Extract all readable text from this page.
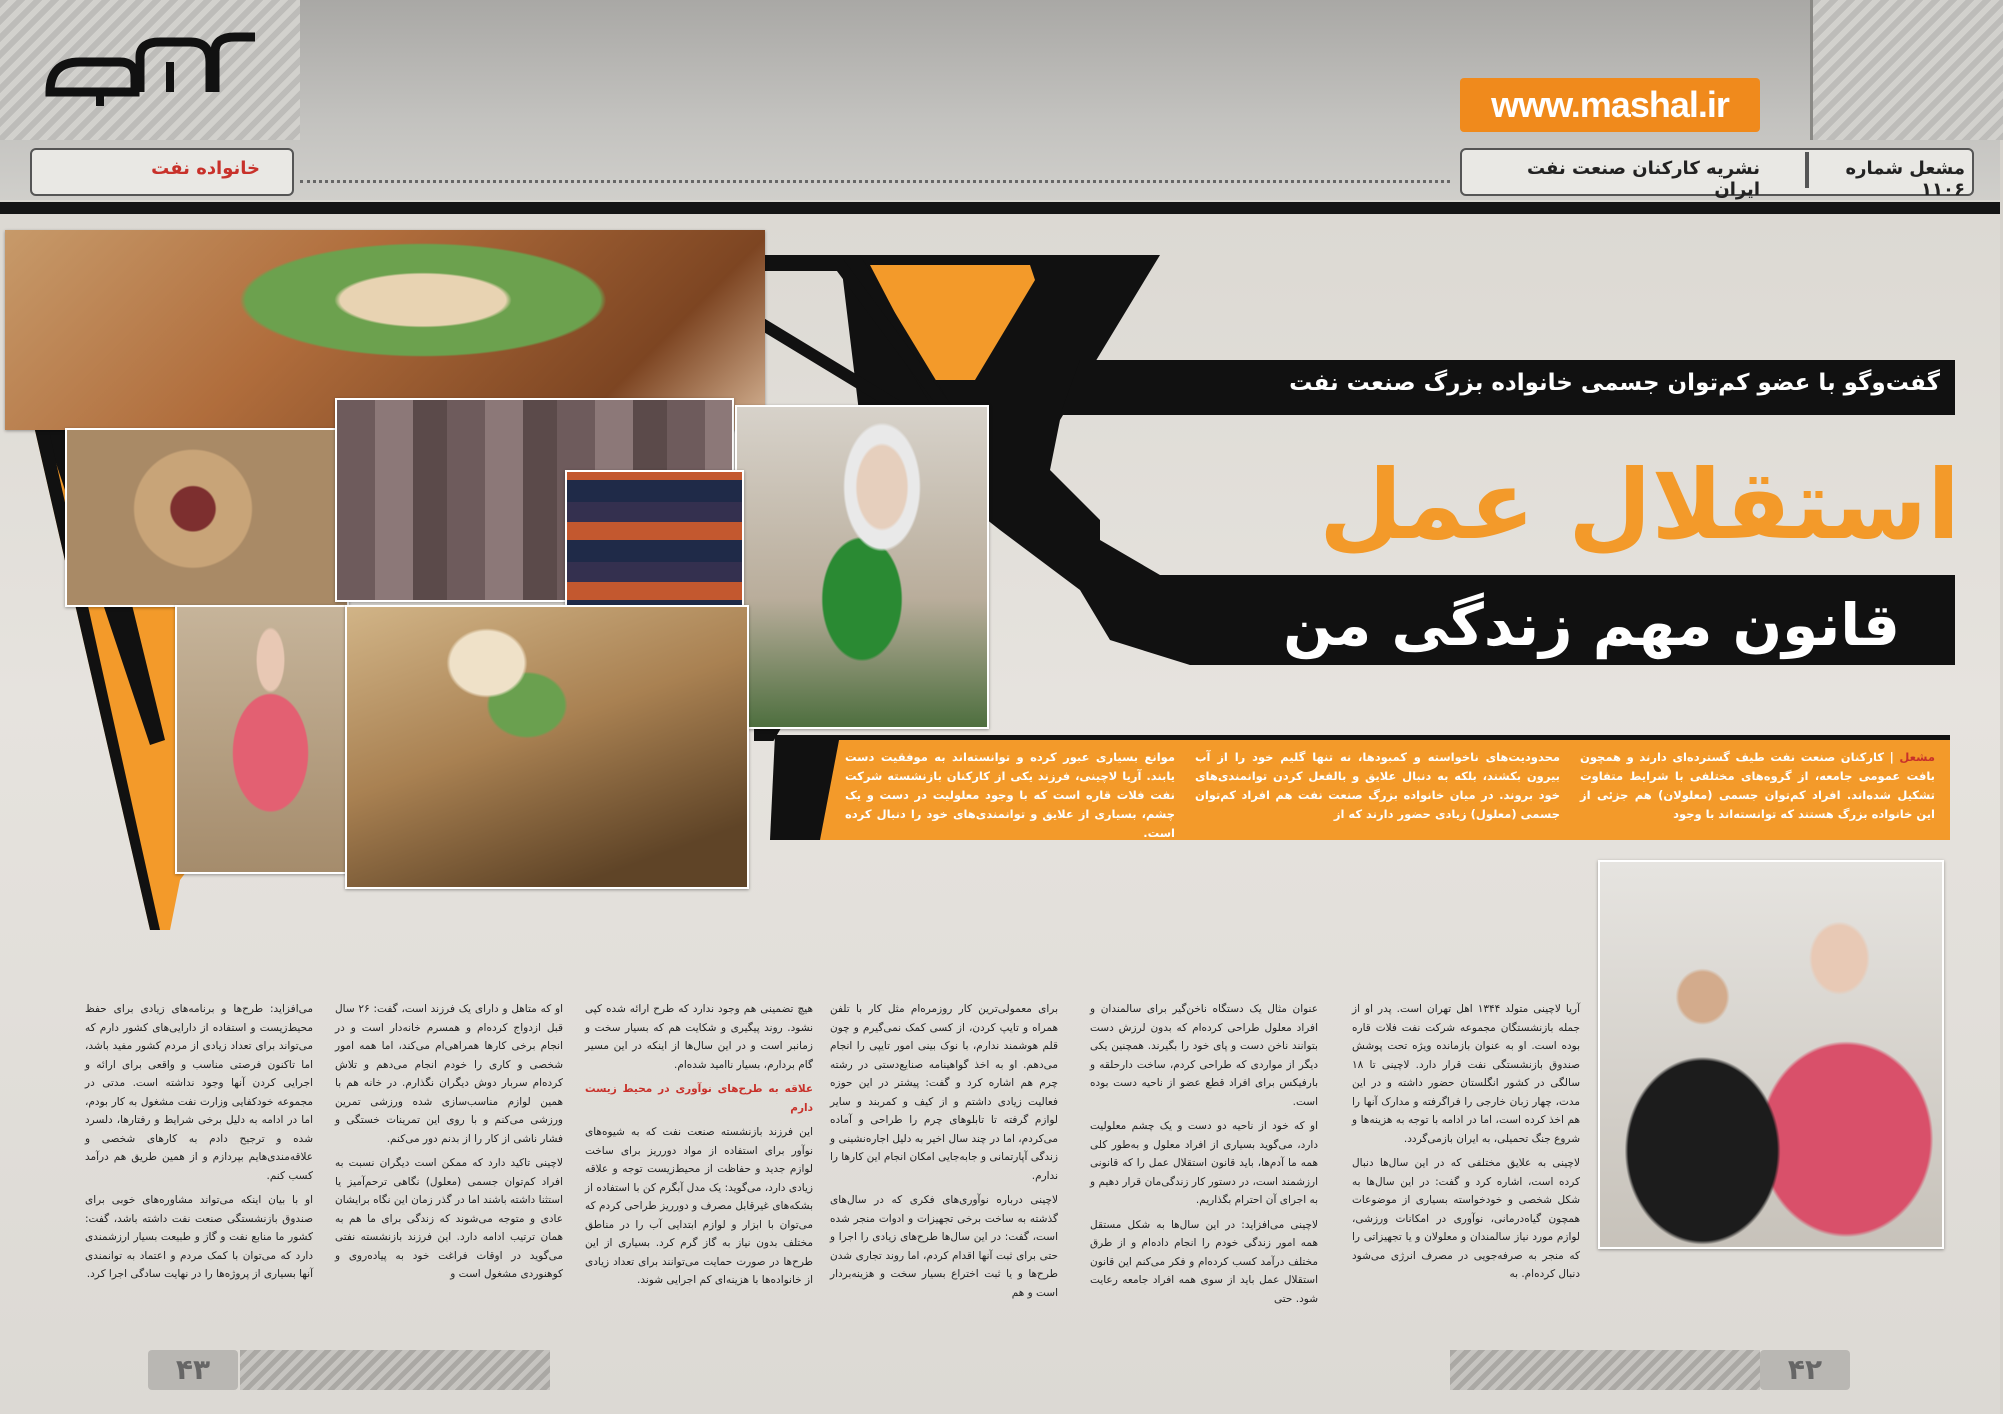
www.mashal.ir
نشریه کارکنان صنعت نفت ایران
مشعل شماره ۱۱۰۶
خانواده نفت
گفت‌وگو با عضو کم‌توان جسمی خانواده بزرگ صنعت نفت
استقلال عمل
قانون مهم زندگی من
مشعل | کارکنان صنعت نفت طیف گسترده‌ای دارند و همچون بافت عمومی جامعه، از گروه‌های مختلفی با شرایط متفاوت تشکیل شده‌اند. افراد کم‌توان جسمی (معلولان) هم جزئی از این خانواده بزرگ هستند که توانسته‌اند با وجود
محدودیت‌های ناخواسته و کمبودها، نه تنها گلیم خود را از آب بیرون بکشند، بلکه به دنبال علایق و بالفعل کردن توانمندی‌های خود بروند. در میان خانواده بزرگ صنعت نفت هم افراد کم‌توان جسمی (معلول) زیادی حضور دارند که از
موانع بسیاری عبور کرده و توانسته‌اند به موفقیت دست یابند. آریا لاچینی، فرزند یکی از کارکنان بازنشسته شرکت نفت فلات قاره است که با وجود معلولیت در دست و یک چشم، بسیاری از علایق و توانمندی‌های خود را دنبال کرده است.

آریا لاچینی متولد ۱۳۴۴ اهل تهران است. پدر او از جمله بازنشستگان مجموعه شرکت نفت فلات قاره بوده است. او به عنوان بازمانده ویژه تحت پوشش صندوق بازنشستگی نفت قرار دارد. لاچینی تا ۱۸ سالگی در کشور انگلستان حضور داشته و در این مدت، چهار زبان خارجی را فراگرفته و مدارک آنها را هم اخذ کرده است، اما در ادامه با توجه به هزینه‌ها و شروع جنگ تحمیلی، به ایران بازمی‌گردد.

لاچینی به علایق مختلفی که در این سال‌ها دنبال کرده است، اشاره کرد و گفت: در این سال‌ها به شکل شخصی و خودخواسته بسیاری از موضوعات همچون گیاه‌درمانی، نوآوری در امکانات ورزشی، لوازم مورد نیاز سالمندان و معلولان و یا تجهیزاتی را که منجر به صرفه‌جویی در مصرف انرژی می‌شود دنبال کرده‌ام. به

عنوان مثال یک دستگاه ناخن‌گیر برای سالمندان و افراد معلول طراحی کرده‌ام که بدون لرزش دست بتوانند ناخن دست و پای خود را بگیرند. همچنین یکی دیگر از مواردی که طراحی کردم، ساخت دارحلقه و بارفیکس برای افراد قطع عضو از ناحیه دست بوده است.

او که خود از ناحیه دو دست و یک چشم معلولیت دارد، می‌گوید بسیاری از افراد معلول و به‌طور کلی همه ما آدم‌ها، باید قانون استقلال عمل را که قانونی ارزشمند است، در دستور کار زندگی‌مان قرار دهیم و به اجرای آن احترام بگذاریم.

لاچینی می‌افزاید: در این سال‌ها به شکل مستقل همه امور زندگی خودم را انجام داده‌ام و از طرق مختلف درآمد کسب کرده‌ام و فکر می‌کنم این قانون استقلال عمل باید از سوی همه افراد جامعه رعایت شود. حتی

برای معمولی‌ترین کار روزمره‌ام مثل کار با تلفن همراه و تایپ کردن، از کسی کمک نمی‌گیرم و چون قلم هوشمند ندارم، با نوک بینی امور تایپی را انجام می‌دهم. او به اخذ گواهینامه صنایع‌دستی در رشته چرم هم اشاره کرد و گفت: پیشتر در این حوزه فعالیت زیادی داشتم و از کیف و کمربند و سایر لوازم گرفته تا تابلوهای چرم را طراحی و آماده می‌کردم، اما در چند سال اخیر به دلیل اجاره‌نشینی و زندگی آپارتمانی و جابه‌جایی امکان انجام این کارها را ندارم.

لاچینی درباره نوآوری‌های فکری که در سال‌های گذشته به ساخت برخی تجهیزات و ادوات منجر شده است، گفت: در این سال‌ها طرح‌های زیادی را اجرا و حتی برای ثبت آنها اقدام کردم، اما روند تجاری شدن طرح‌ها و یا ثبت اختراع بسیار سخت و هزینه‌بردار است و هم

هیچ تضمینی هم وجود ندارد که طرح ارائه شده کپی نشود. روند پیگیری و شکایت هم که بسیار سخت و زمانبر است و در این سال‌ها از اینکه در این مسیر گام بردارم، بسیار ناامید شده‌ام.

علاقه به طرح‌های نوآوری در محیط زیست دارم

این فرزند بازنشسته صنعت نفت که به شیوه‌های نوآور برای استفاده از مواد دورریز برای ساخت لوازم جدید و حفاظت از محیط‌زیست توجه و علاقه زیادی دارد، می‌گوید: یک مدل آبگرم کن با استفاده از بشکه‌های غیرقابل مصرف و دورریز طراحی کردم که می‌توان با ابزار و لوازم ابتدایی آب را در مناطق مختلف بدون نیاز به گاز گرم کرد. بسیاری از این طرح‌ها در صورت حمایت می‌توانند برای تعداد زیادی از خانواده‌ها با هزینه‌ای کم اجرایی شوند.

او که متاهل و دارای یک فرزند است، گفت: ۲۶ سال قبل ازدواج کرده‌ام و همسرم خانه‌دار است و در انجام برخی کارها همراهی‌ام می‌کند، اما همه امور شخصی و کاری را خودم انجام می‌دهم و تلاش کرده‌ام سربار دوش دیگران نگذارم. در خانه هم با همین لوازم مناسب‌سازی شده ورزشی تمرین ورزشی می‌کنم و با روی این تمرینات خستگی و فشار ناشی از کار را از بدنم دور می‌کنم.

لاچینی تاکید دارد که ممکن است دیگران نسبت به افراد کم‌توان جسمی (معلول) نگاهی ترحم‌آمیز یا استثنا داشته باشند اما در گذر زمان این نگاه برایشان عادی و متوجه می‌شوند که زندگی برای ما هم به همان ترتیب ادامه دارد. این فرزند بازنشسته نفتی می‌گوید در اوقات فراغت خود به پیاده‌روی و کوهنوردی مشغول است و

می‌افزاید: طرح‌ها و برنامه‌های زیادی برای حفظ محیط‌زیست و استفاده از دارایی‌های کشور دارم که می‌تواند برای تعداد زیادی از مردم کشور مفید باشد، اما تاکنون فرصتی مناسب و واقعی برای ارائه و اجرایی کردن آنها وجود نداشته است. مدتی در مجموعه خودکفایی وزارت نفت مشغول به کار بودم، اما در ادامه به دلیل برخی شرایط و رفتارها، دلسرد شده و ترجیح دادم به کارهای شخصی و علاقه‌مندی‌هایم بپردازم و از همین طریق هم درآمد کسب کنم.

او با بیان اینکه می‌تواند مشاوره‌های خوبی برای صندوق بازنشستگی صنعت نفت داشته باشد، گفت: کشور ما منابع نفت و گاز و طبیعت بسیار ارزشمندی دارد که می‌توان با کمک مردم و اعتماد به توانمندی آنها بسیاری از پروژه‌ها را در نهایت سادگی اجرا کرد.

۴۲
۴۳
